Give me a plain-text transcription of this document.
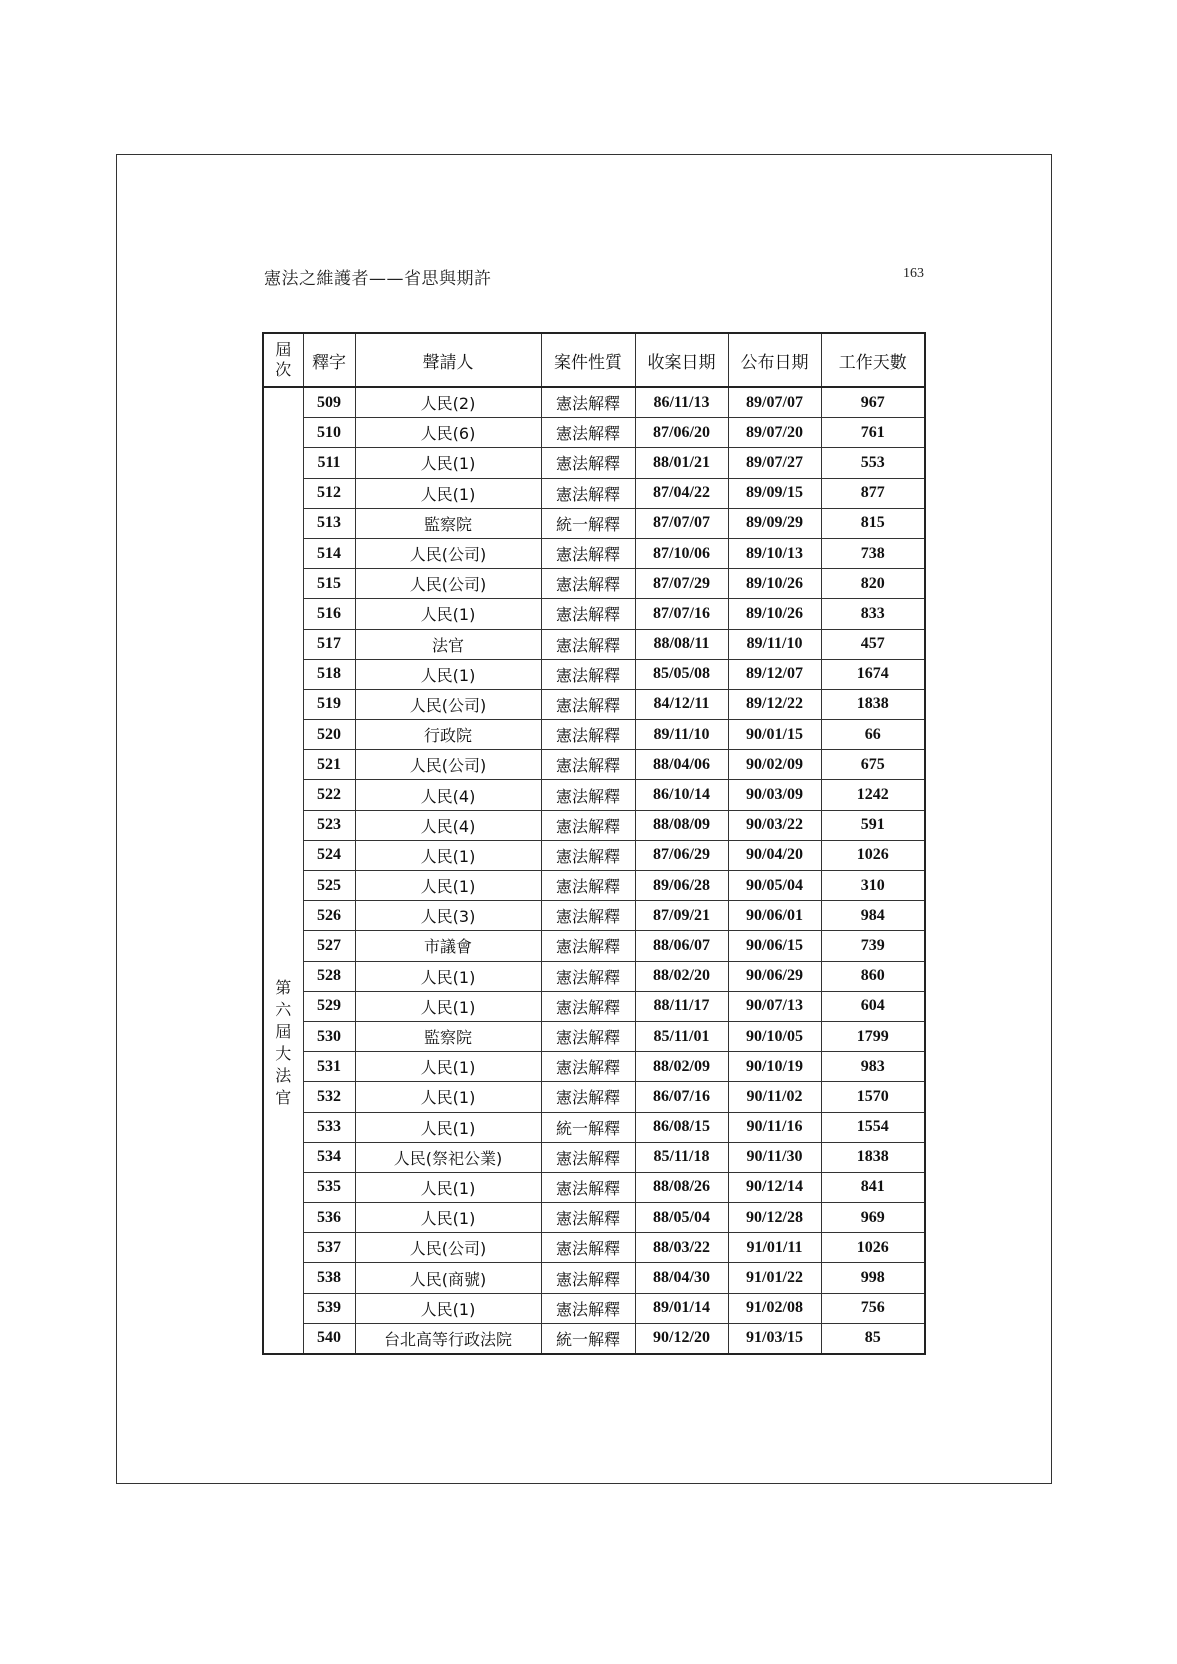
憲法之維護者——省思與期許	163
屆
次	釋字	聲請人	案件性質	收案日期	公布日期	工作天數
第六屆大法官	509	人民(2)	憲法解釋	86/11/13	89/07/07	967
	510	人民(6)	憲法解釋	87/06/20	89/07/20	761
	511	人民(1)	憲法解釋	88/01/21	89/07/27	553
	512	人民(1)	憲法解釋	87/04/22	89/09/15	877
	513	監察院	統一解釋	87/07/07	89/09/29	815
	514	人民(公司)	憲法解釋	87/10/06	89/10/13	738
	515	人民(公司)	憲法解釋	87/07/29	89/10/26	820
	516	人民(1)	憲法解釋	87/07/16	89/10/26	833
	517	法官	憲法解釋	88/08/11	89/11/10	457
	518	人民(1)	憲法解釋	85/05/08	89/12/07	1674
	519	人民(公司)	憲法解釋	84/12/11	89/12/22	1838
	520	行政院	憲法解釋	89/11/10	90/01/15	66
	521	人民(公司)	憲法解釋	88/04/06	90/02/09	675
	522	人民(4)	憲法解釋	86/10/14	90/03/09	1242
	523	人民(4)	憲法解釋	88/08/09	90/03/22	591
	524	人民(1)	憲法解釋	87/06/29	90/04/20	1026
	525	人民(1)	憲法解釋	89/06/28	90/05/04	310
	526	人民(3)	憲法解釋	87/09/21	90/06/01	984
	527	市議會	憲法解釋	88/06/07	90/06/15	739
	528	人民(1)	憲法解釋	88/02/20	90/06/29	860
	529	人民(1)	憲法解釋	88/11/17	90/07/13	604
	530	監察院	憲法解釋	85/11/01	90/10/05	1799
	531	人民(1)	憲法解釋	88/02/09	90/10/19	983
	532	人民(1)	憲法解釋	86/07/16	90/11/02	1570
	533	人民(1)	統一解釋	86/08/15	90/11/16	1554
	534	人民(祭祀公業)	憲法解釋	85/11/18	90/11/30	1838
	535	人民(1)	憲法解釋	88/08/26	90/12/14	841
	536	人民(1)	憲法解釋	88/05/04	90/12/28	969
	537	人民(公司)	憲法解釋	88/03/22	91/01/11	1026
	538	人民(商號)	憲法解釋	88/04/30	91/01/22	998
	539	人民(1)	憲法解釋	89/01/14	91/02/08	756
	540	台北高等行政法院	統一解釋	90/12/20	91/03/15	85
